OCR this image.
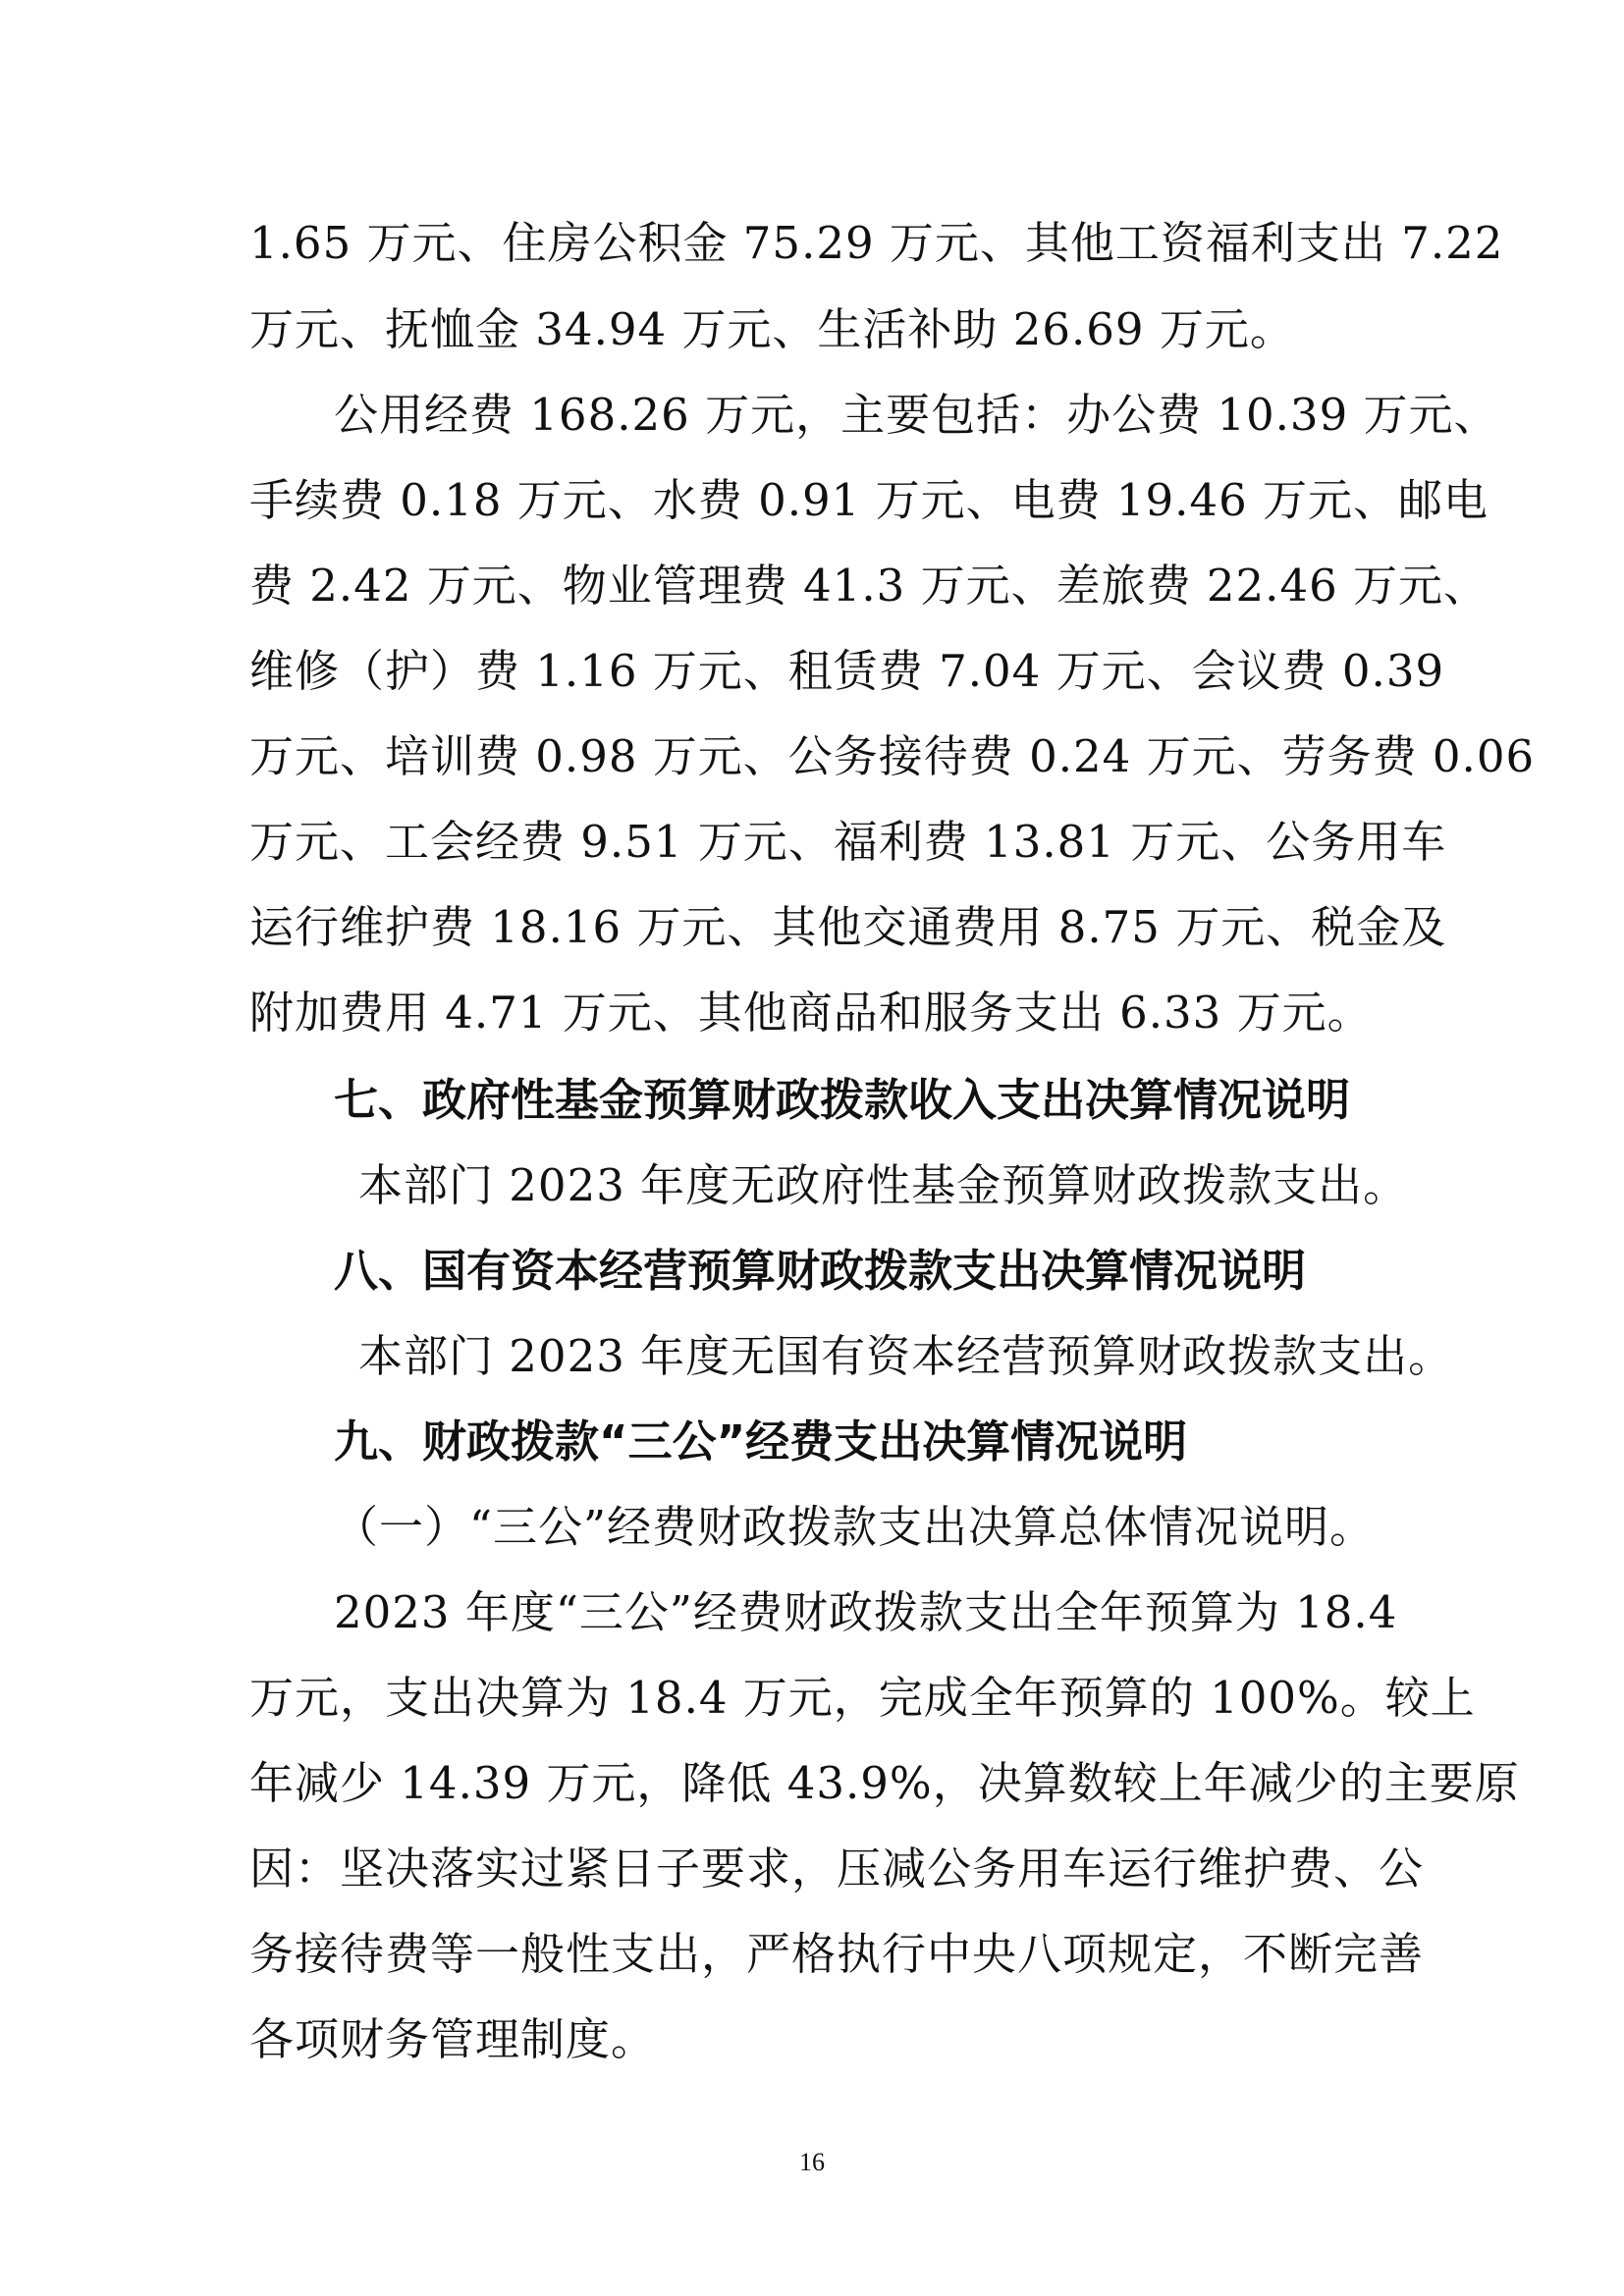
1.65 万元、住房公积金 75.29 万元、其他工资福利支出 7.22
万元、抚恤金 34.94 万元、生活补助 26.69 万元。
公用经费 168.26 万元，主要包括：办公费 10.39 万元、
手续费 0.18 万元、水费 0.91 万元、电费 19.46 万元、邮电
费 2.42 万元、物业管理费 41.3 万元、差旅费 22.46 万元、
维修（护）费 1.16 万元、租赁费 7.04 万元、会议费 0.39
万元、培训费 0.98 万元、公务接待费 0.24 万元、劳务费 0.06
万元、工会经费 9.51 万元、福利费 13.81 万元、公务用车
运行维护费 18.16 万元、其他交通费用 8.75 万元、税金及
附加费用 4.71 万元、其他商品和服务支出 6.33 万元。
七、政府性基金预算财政拨款收入支出决算情况说明
本部门 2023 年度无政府性基金预算财政拨款支出。
八、国有资本经营预算财政拨款支出决算情况说明
本部门 2023 年度无国有资本经营预算财政拨款支出。
九、财政拨款“三公”经费支出决算情况说明
（一）“三公”经费财政拨款支出决算总体情况说明。
2023 年度“三公”经费财政拨款支出全年预算为 18.4
万元，支出决算为 18.4 万元，完成全年预算的 100%。较上
年减少 14.39 万元，降低 43.9%，决算数较上年减少的主要原
因：坚决落实过紧日子要求，压减公务用车运行维护费、公
务接待费等一般性支出，严格执行中央八项规定，不断完善
各项财务管理制度。
16
